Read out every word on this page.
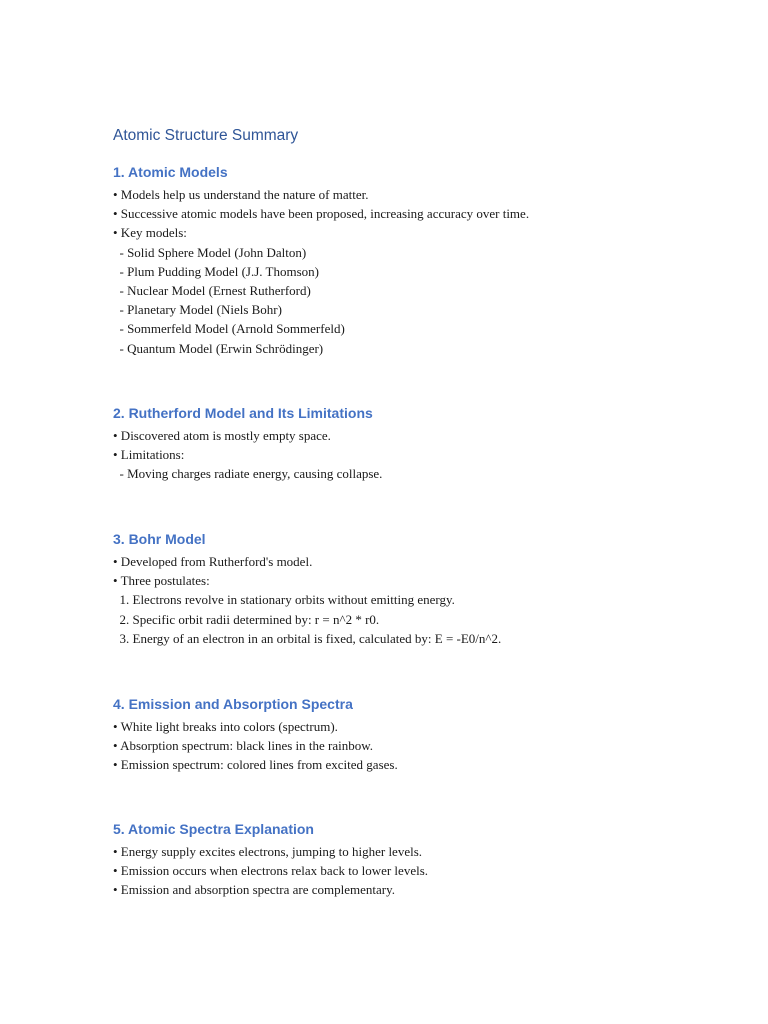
Atomic Structure Summary
1. Atomic Models
• Models help us understand the nature of matter.
• Successive atomic models have been proposed, increasing accuracy over time.
• Key models:
- Solid Sphere Model (John Dalton)
- Plum Pudding Model (J.J. Thomson)
- Nuclear Model (Ernest Rutherford)
- Planetary Model (Niels Bohr)
- Sommerfeld Model (Arnold Sommerfeld)
- Quantum Model (Erwin Schrödinger)
2. Rutherford Model and Its Limitations
• Discovered atom is mostly empty space.
• Limitations:
- Moving charges radiate energy, causing collapse.
3. Bohr Model
• Developed from Rutherford's model.
• Three postulates:
1. Electrons revolve in stationary orbits without emitting energy.
2. Specific orbit radii determined by: r = n^2 * r0.
3. Energy of an electron in an orbital is fixed, calculated by: E = -E0/n^2.
4. Emission and Absorption Spectra
• White light breaks into colors (spectrum).
• Absorption spectrum: black lines in the rainbow.
• Emission spectrum: colored lines from excited gases.
5. Atomic Spectra Explanation
• Energy supply excites electrons, jumping to higher levels.
• Emission occurs when electrons relax back to lower levels.
• Emission and absorption spectra are complementary.
